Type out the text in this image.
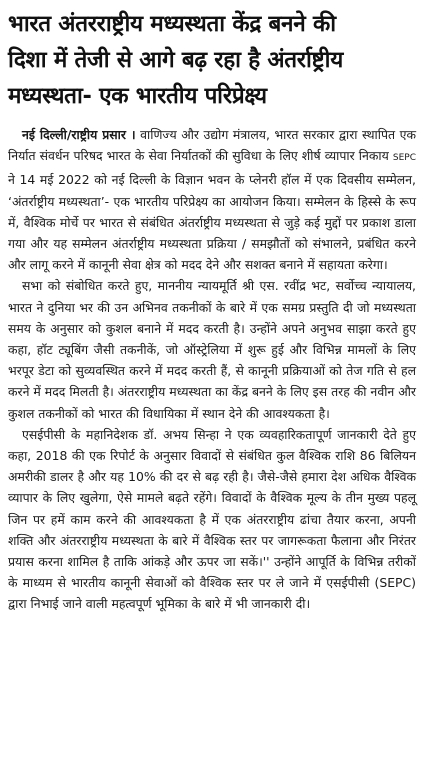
भारत अंतरराष्ट्रीय मध्यस्थता केंद्र बनने की
दिशा में तेजी से आगे बढ़ रहा है अंतर्राष्ट्रीय
मध्यस्थता- एक भारतीय परिप्रेक्ष्य

नई दिल्ली/राष्ट्रीय प्रसार । वाणिज्य और उद्योग मंत्रालय, भारत सरकार द्वारा स्थापित एक निर्यात संवर्धन परिषद भारत के सेवा निर्यातकों की सुविधा के लिए शीर्ष व्यापार निकाय SEPC ने 14 मई 2022 को नई दिल्ली के विज्ञान भवन के प्लेनरी हॉल में एक दिवसीय सम्मेलन, ‘अंतर्राष्ट्रीय मध्यस्थता’- एक भारतीय परिप्रेक्ष्य का आयोजन किया। सम्मेलन के हिस्से के रूप में, वैश्विक मोर्चे पर भारत से संबंधित अंतर्राष्ट्रीय मध्यस्थता से जुड़े कई मुद्दों पर प्रकाश डाला गया और यह सम्मेलन अंतर्राष्ट्रीय मध्यस्थता प्रक्रिया / समझौतों को संभालने, प्रबंधित करने और लागू करने में कानूनी सेवा क्षेत्र को मदद देने और सशक्त बनाने में सहायता करेगा।

सभा को संबोधित करते हुए, माननीय न्यायमूर्ति श्री एस. रवींद्र भट, सर्वोच्च न्यायालय, भारत ने दुनिया भर की उन अभिनव तकनीकों के बारे में एक समग्र प्रस्तुति दी जो मध्यस्थता समय के अनुसार को कुशल बनाने में मदद करती है। उन्होंने अपने अनुभव साझा करते हुए कहा, हॉट ट्यूबिंग जैसी तकनीकें, जो ऑस्ट्रेलिया में शुरू हुई और विभिन्न मामलों के लिए भरपूर डेटा को सुव्यवस्थित करने में मदद करती हैं, से कानूनी प्रक्रियाओं को तेज गति से हल करने में मदद मिलती है। अंतरराष्ट्रीय मध्यस्थता का केंद्र बनने के लिए इस तरह की नवीन और कुशल तकनीकों को भारत की विधायिका में स्थान देने की आवश्यकता है।

एसईपीसी के महानिदेशक डॉ. अभय सिन्हा ने एक व्यवहारिकतापूर्ण जानकारी देते हुए कहा, 2018 की एक रिपोर्ट के अनुसार विवादों से संबंधित कुल वैश्विक राशि 86 बिलियन अमरीकी डालर है और यह 10% की दर से बढ़ रही है। जैसे-जैसे हमारा देश अधिक वैश्विक व्यापार के लिए खुलेगा, ऐसे मामले बढ़ते रहेंगे। विवादों के वैश्विक मूल्य के तीन मुख्य पहलू जिन पर हमें काम करने की आवश्यकता है में एक अंतरराष्ट्रीय ढांचा तैयार करना, अपनी शक्ति और अंतरराष्ट्रीय मध्यस्थता के बारे में वैश्विक स्तर पर जागरूकता फैलाना और निरंतर प्रयास करना शामिल है ताकि आंकड़े और ऊपर जा सकें।'' उन्होंने आपूर्ति के विभिन्न तरीकों के माध्यम से भारतीय कानूनी सेवाओं को वैश्विक स्तर पर ले जाने में एसईपीसी (SEPC) द्वारा निभाई जाने वाली महत्वपूर्ण भूमिका के बारे में भी जानकारी दी।
